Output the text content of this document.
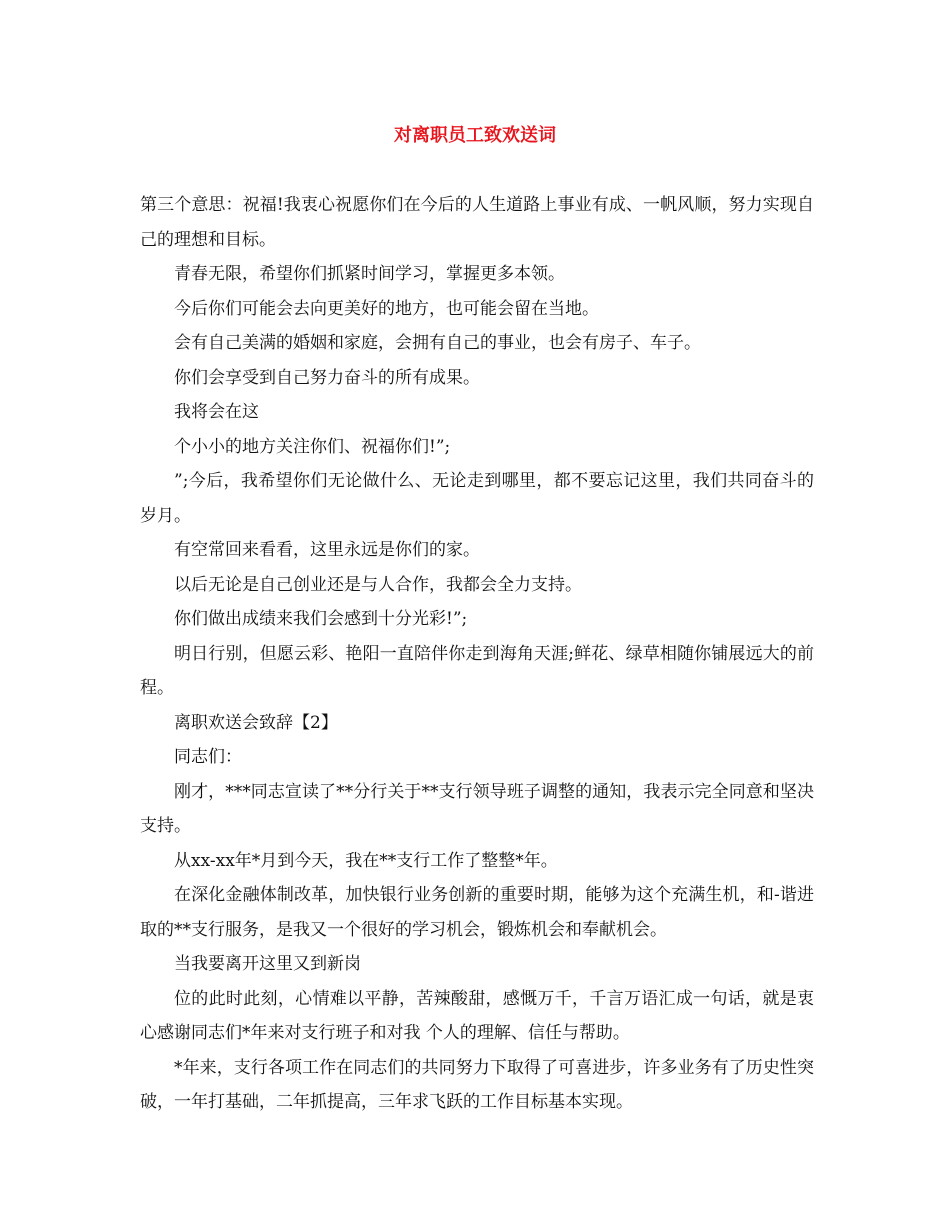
对离职员工致欢送词

第三个意思：祝福!我衷心祝愿你们在今后的人生道路上事业有成、一帆风顺，努力实现自己的理想和目标。

青春无限，希望你们抓紧时间学习，掌握更多本领。

今后你们可能会去向更美好的地方，也可能会留在当地。

会有自己美满的婚姻和家庭，会拥有自己的事业，也会有房子、车子。

你们会享受到自己努力奋斗的所有成果。

我将会在这

个小小的地方关注你们、祝福你们!”;

”;今后，我希望你们无论做什么、无论走到哪里，都不要忘记这里，我们共同奋斗的岁月。

有空常回来看看，这里永远是你们的家。

以后无论是自己创业还是与人合作，我都会全力支持。

你们做出成绩来我们会感到十分光彩!”;

明日行别，但愿云彩、艳阳一直陪伴你走到海角天涯;鲜花、绿草相随你铺展远大的前程。

离职欢送会致辞【2】

同志们：

刚才，***同志宣读了**分行关于**支行领导班子调整的通知，我表示完全同意和坚决支持。

从xx-xx年*月到今天，我在**支行工作了整整*年。

在深化金融体制改革，加快银行业务创新的重要时期，能够为这个充满生机，和-谐进取的**支行服务，是我又一个很好的学习机会，锻炼机会和奉献机会。

当我要离开这里又到新岗

位的此时此刻，心情难以平静，苦辣酸甜，感慨万千，千言万语汇成一句话，就是衷心感谢同志们*年来对支行班子和对我 个人的理解、信任与帮助。

*年来，支行各项工作在同志们的共同努力下取得了可喜进步，许多业务有了历史性突破，一年打基础，二年抓提高，三年求飞跃的工作目标基本实现。
